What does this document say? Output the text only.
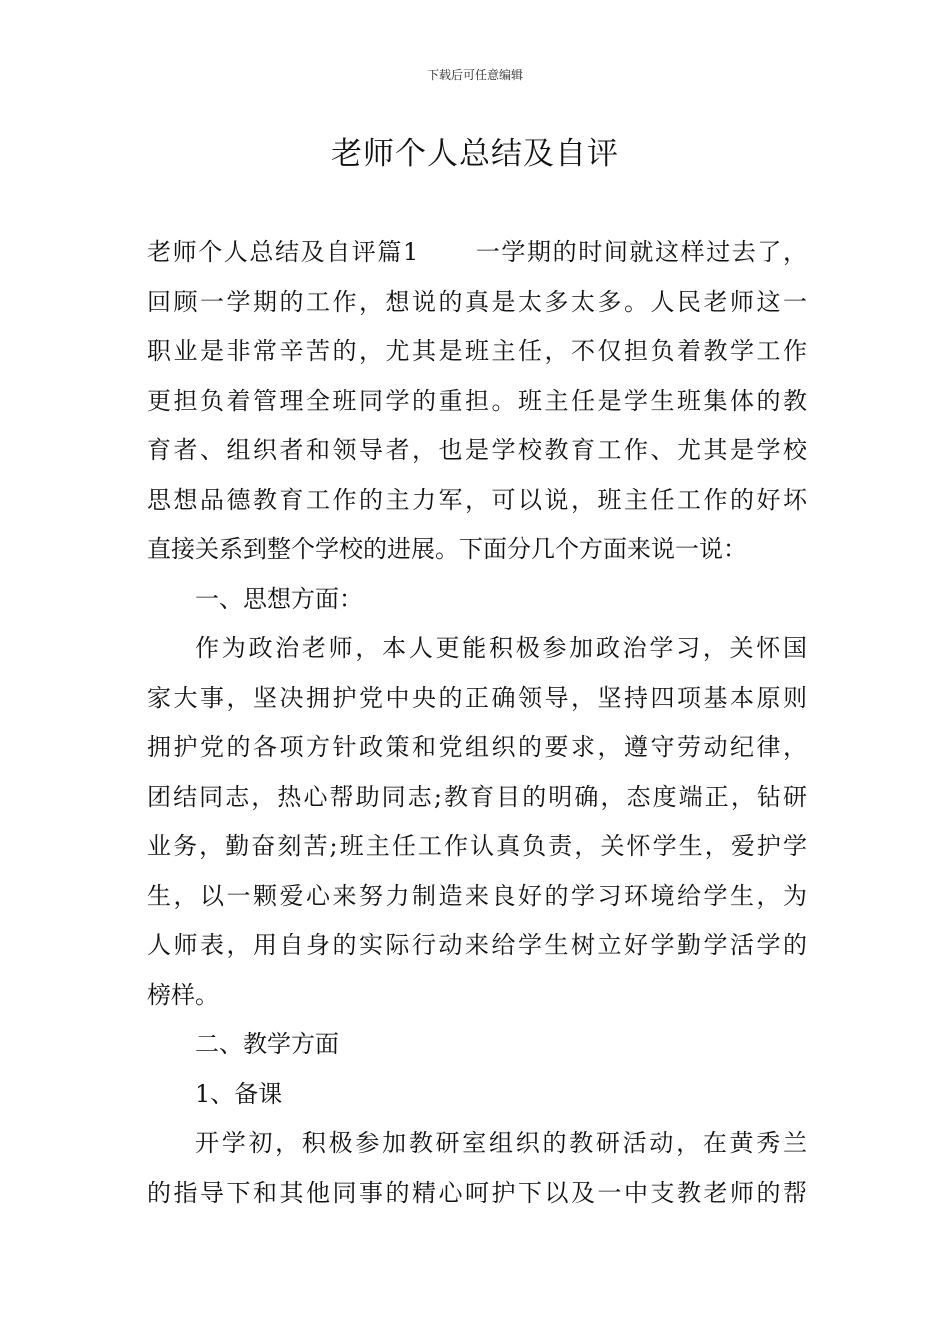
下载后可任意编辑
老师个人总结及自评
老师个人总结及自评篇1 一学期的时间就这样过去了，
回顾一学期的工作，想说的真是太多太多。人民老师这一
职业是非常辛苦的，尤其是班主任，不仅担负着教学工作
更担负着管理全班同学的重担。班主任是学生班集体的教
育者、组织者和领导者，也是学校教育工作、尤其是学校
思想品德教育工作的主力军，可以说，班主任工作的好坏
直接关系到整个学校的进展。下面分几个方面来说一说：
一、思想方面：
作为政治老师，本人更能积极参加政治学习，关怀国
家大事，坚决拥护党中央的正确领导，坚持四项基本原则
拥护党的各项方针政策和党组织的要求，遵守劳动纪律，
团结同志，热心帮助同志;教育目的明确，态度端正，钻研
业务，勤奋刻苦;班主任工作认真负责，关怀学生，爱护学
生，以一颗爱心来努力制造来良好的学习环境给学生，为
人师表，用自身的实际行动来给学生树立好学勤学活学的
榜样。
二、教学方面
1、备课
开学初，积极参加教研室组织的教研活动，在黄秀兰
的指导下和其他同事的精心呵护下以及一中支教老师的帮
